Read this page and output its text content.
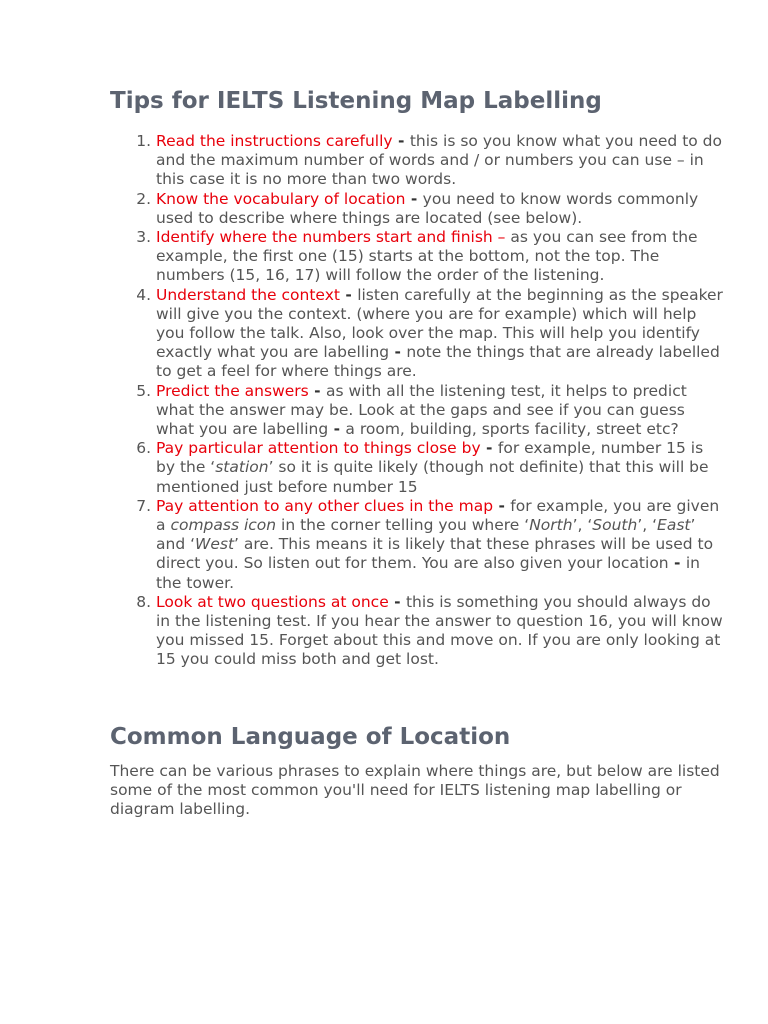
Tips for IELTS Listening Map Labelling
1. Read the instructions carefully - this is so you know what you need to do and the maximum number of words and / or numbers you can use – in this case it is no more than two words.
2. Know the vocabulary of location - you need to know words commonly used to describe where things are located (see below).
3. Identify where the numbers start and finish – as you can see from the example, the first one (15) starts at the bottom, not the top. The numbers (15, 16, 17) will follow the order of the listening.
4. Understand the context - listen carefully at the beginning as the speaker will give you the context. (where you are for example) which will help you follow the talk. Also, look over the map. This will help you identify exactly what you are labelling - note the things that are already labelled to get a feel for where things are.
5. Predict the answers - as with all the listening test, it helps to predict what the answer may be. Look at the gaps and see if you can guess what you are labelling - a room, building, sports facility, street etc?
6. Pay particular attention to things close by - for example, number 15 is by the ‘station’ so it is quite likely (though not definite) that this will be mentioned just before number 15
7. Pay attention to any other clues in the map - for example, you are given a compass icon in the corner telling you where ‘North’, ‘South’, ‘East’ and ‘West’ are. This means it is likely that these phrases will be used to direct you. So listen out for them. You are also given your location - in the tower.
8. Look at two questions at once - this is something you should always do in the listening test. If you hear the answer to question 16, you will know you missed 15. Forget about this and move on. If you are only looking at 15 you could miss both and get lost.
Common Language of Location

There can be various phrases to explain where things are, but below are listed some of the most common you'll need for IELTS listening map labelling or diagram labelling.
